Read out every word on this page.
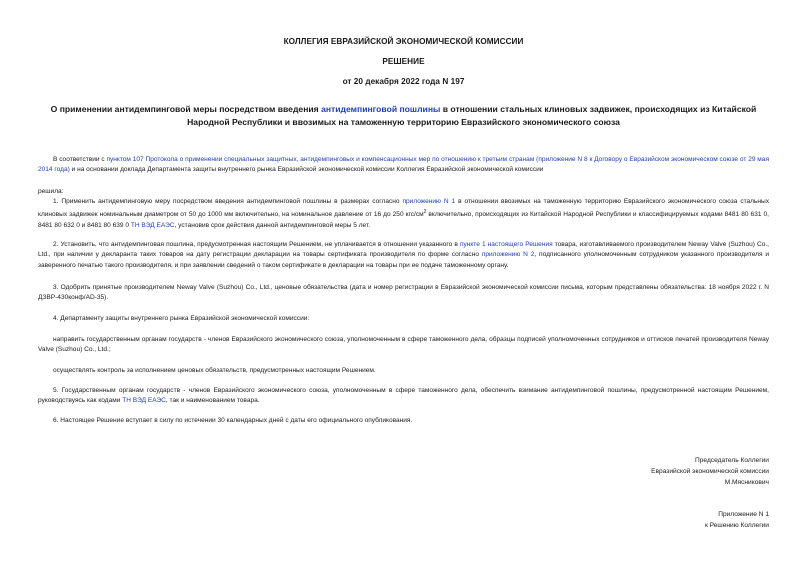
КОЛЛЕГИЯ ЕВРАЗИЙСКОЙ ЭКОНОМИЧЕСКОЙ КОМИССИИ
РЕШЕНИЕ
от 20 декабря 2022 года N 197
О применении антидемпинговой меры посредством введения антидемпинговой пошлины в отношении стальных клиновых задвижек, происходящих из Китайской Народной Республики и ввозимых на таможенную территорию Евразийского экономического союза
В соответствии с пунктом 107 Протокола о применении специальных защитных, антидемпинговых и компенсационных мер по отношению к третьим странам (приложение N 8 к Договору о Евразийском экономическом союзе от 29 мая 2014 года) и на основании доклада Департамента защиты внутреннего рынка Евразийской экономической комиссии Коллегия Евразийской экономической комиссии
решила:
1. Применить антидемпинговую меру посредством введения антидемпинговой пошлины в размерах согласно приложению N 1 в отношении ввозимых на таможенную территорию Евразийского экономического союза стальных клиновых задвижек номинальным диаметром от 50 до 1000 мм включительно, на номинальное давление от 16 до 250 кгс/$см^2$ включительно, происходящих из Китайской Народной Республики и классифицируемых кодами 8481 80 631 0, 8481 80 632 0 и 8481 80 639 0 ТН ВЭД ЕАЭС, установив срок действия данной антидемпинговой меры 5 лет.
2. Установить, что антидемпинговая пошлина, предусмотренная настоящим Решением, не уплачивается в отношении указанного в пункте 1 настоящего Решения товара, изготавливаемого производителем Neway Valve (Suzhou) Co., Ltd., при наличии у декларанта таких товаров на дату регистрации декларации на товары сертификата производителя по форме согласно приложению N 2, подписанного уполномоченным сотрудником указанного производителя и заверенного печатью такого производителя, и при заявлении сведений о таком сертификате в декларации на товары при ее подаче таможенному органу.
3. Одобрить принятые производителем Neway Valve (Suzhou) Co., Ltd., ценовые обязательства (дата и номер регистрации в Евразийской экономической комиссии письма, которым представлены обязательства: 18 ноября 2022 г. N ДЗВР-430конф/AD-35).
4. Департаменту защиты внутреннего рынка Евразийской экономической комиссии:
направить государственным органам государств - членов Евразийского экономического союза, уполномоченным в сфере таможенного дела, образцы подписей уполномоченных сотрудников и оттисков печатей производителя Neway Valve (Suzhou) Co., Ltd.;
осуществлять контроль за исполнением ценовых обязательств, предусмотренных настоящим Решением.
5. Государственным органам государств - членов Евразийского экономического союза, уполномоченным в сфере таможенного дела, обеспечить взимание антидемпинговой пошлины, предусмотренной настоящим Решением, руководствуясь как кодами ТН ВЭД ЕАЭС, так и наименованием товара.
6. Настоящее Решение вступает в силу по истечении 30 календарных дней с даты его официального опубликования.
Председатель Коллегии
Евразийской экономической комиссии
М.Мясникович
Приложение N 1
к Решению Коллегии
